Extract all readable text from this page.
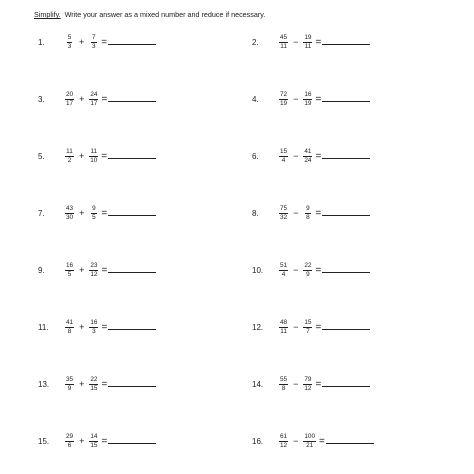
Simplify. Write your answer as a mixed number and reduce if necessary.
1.	$\frac{5}{3} + \frac{7}{3}$ =
3.	$\frac{20}{17} + \frac{24}{17}$ =
5.	$\frac{11}{2} + \frac{11}{10}$ =
7.	$\frac{43}{30} + \frac{9}{5}$ =
9.	$\frac{16}{5} + \frac{23}{12}$ =
11.	$\frac{41}{8} + \frac{16}{3}$ =
13.	$\frac{35}{9} + \frac{22}{15}$ =
15.	$\frac{29}{6} + \frac{14}{15}$ =
2.	$\frac{45}{11} - \frac{19}{11}$ =
4.	$\frac{72}{19} - \frac{16}{19}$ =
6.	$\frac{15}{4} - \frac{41}{24}$ =
8.	$\frac{75}{32} - \frac{9}{8}$ =
10.	$\frac{51}{4} - \frac{22}{9}$ =
12.	$\frac{48}{11} - \frac{15}{7}$ =
14.	$\frac{55}{8} - \frac{79}{12}$ =
16.	$\frac{61}{12} - \frac{100}{21}$ =
